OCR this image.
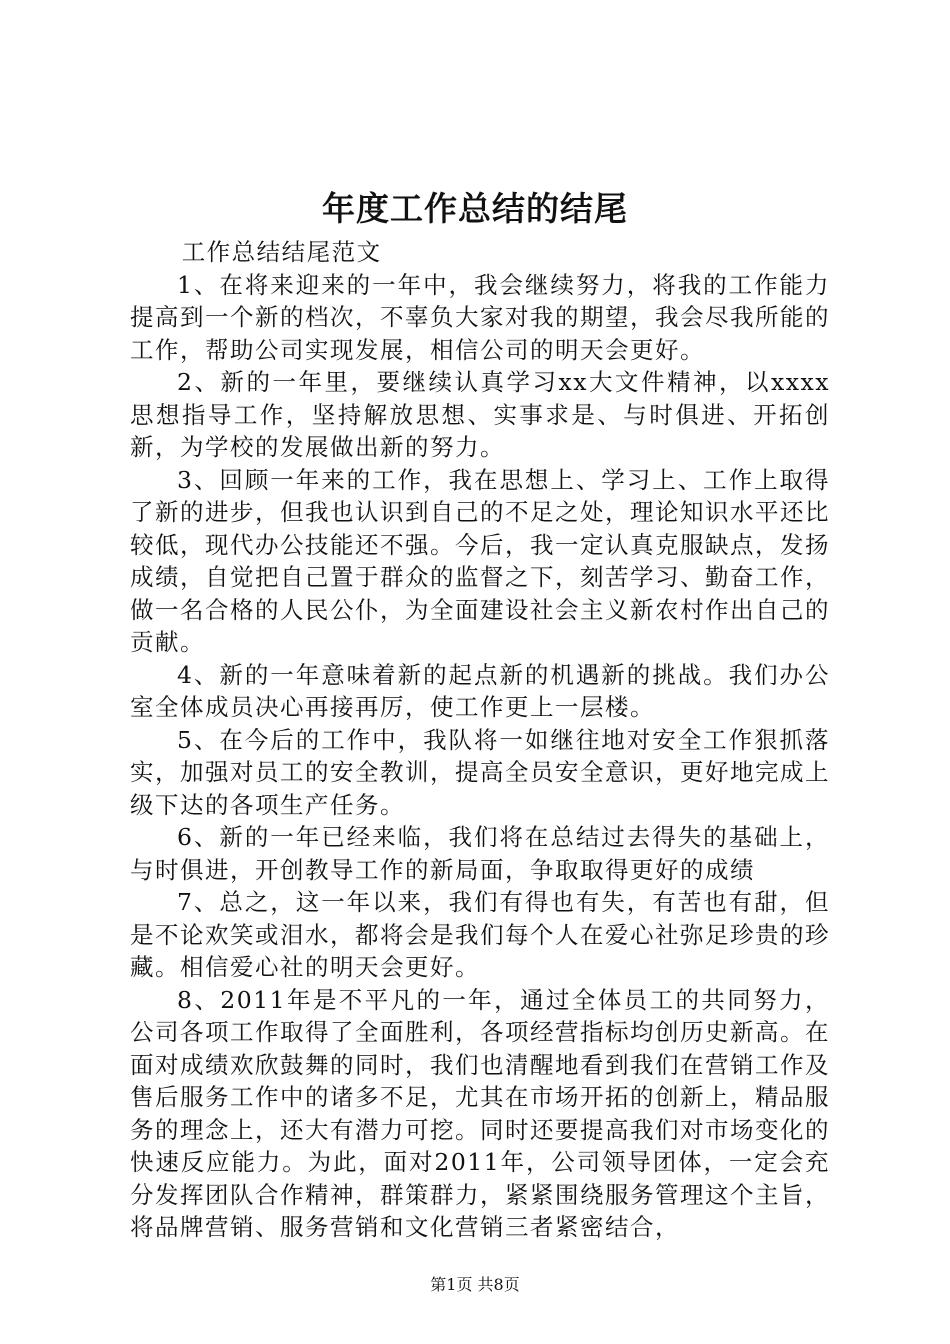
年度工作总结的结尾

工作总结结尾范文

1、在将来迎来的一年中，我会继续努力，将我的工作能力提高到一个新的档次，不辜负大家对我的期望，我会尽我所能的工作，帮助公司实现发展，相信公司的明天会更好。

2、新的一年里，要继续认真学习xx大文件精神，以xxxx思想指导工作，坚持解放思想、实事求是、与时俱进、开拓创新，为学校的发展做出新的努力。

3、回顾一年来的工作，我在思想上、学习上、工作上取得了新的进步，但我也认识到自己的不足之处，理论知识水平还比较低，现代办公技能还不强。今后，我一定认真克服缺点，发扬成绩，自觉把自己置于群众的监督之下，刻苦学习、勤奋工作，做一名合格的人民公仆，为全面建设社会主义新农村作出自己的贡献。

4、新的一年意味着新的起点新的机遇新的挑战。我们办公室全体成员决心再接再厉，使工作更上一层楼。

5、在今后的工作中，我队将一如继往地对安全工作狠抓落实，加强对员工的安全教训，提高全员安全意识，更好地完成上级下达的各项生产任务。

6、新的一年已经来临，我们将在总结过去得失的基础上，与时俱进，开创教导工作的新局面，争取取得更好的成绩

7、总之，这一年以来，我们有得也有失，有苦也有甜，但是不论欢笑或泪水，都将会是我们每个人在爱心社弥足珍贵的珍藏。相信爱心社的明天会更好。

8、2011年是不平凡的一年，通过全体员工的共同努力，公司各项工作取得了全面胜利，各项经营指标均创历史新高。在面对成绩欢欣鼓舞的同时，我们也清醒地看到我们在营销工作及售后服务工作中的诸多不足，尤其在市场开拓的创新上，精品服务的理念上，还大有潜力可挖。同时还要提高我们对市场变化的快速反应能力。为此，面对2011年，公司领导团体，一定会充分发挥团队合作精神，群策群力，紧紧围绕服务管理这个主旨，将品牌营销、服务营销和文化营销三者紧密结合，

第1页 共8页
